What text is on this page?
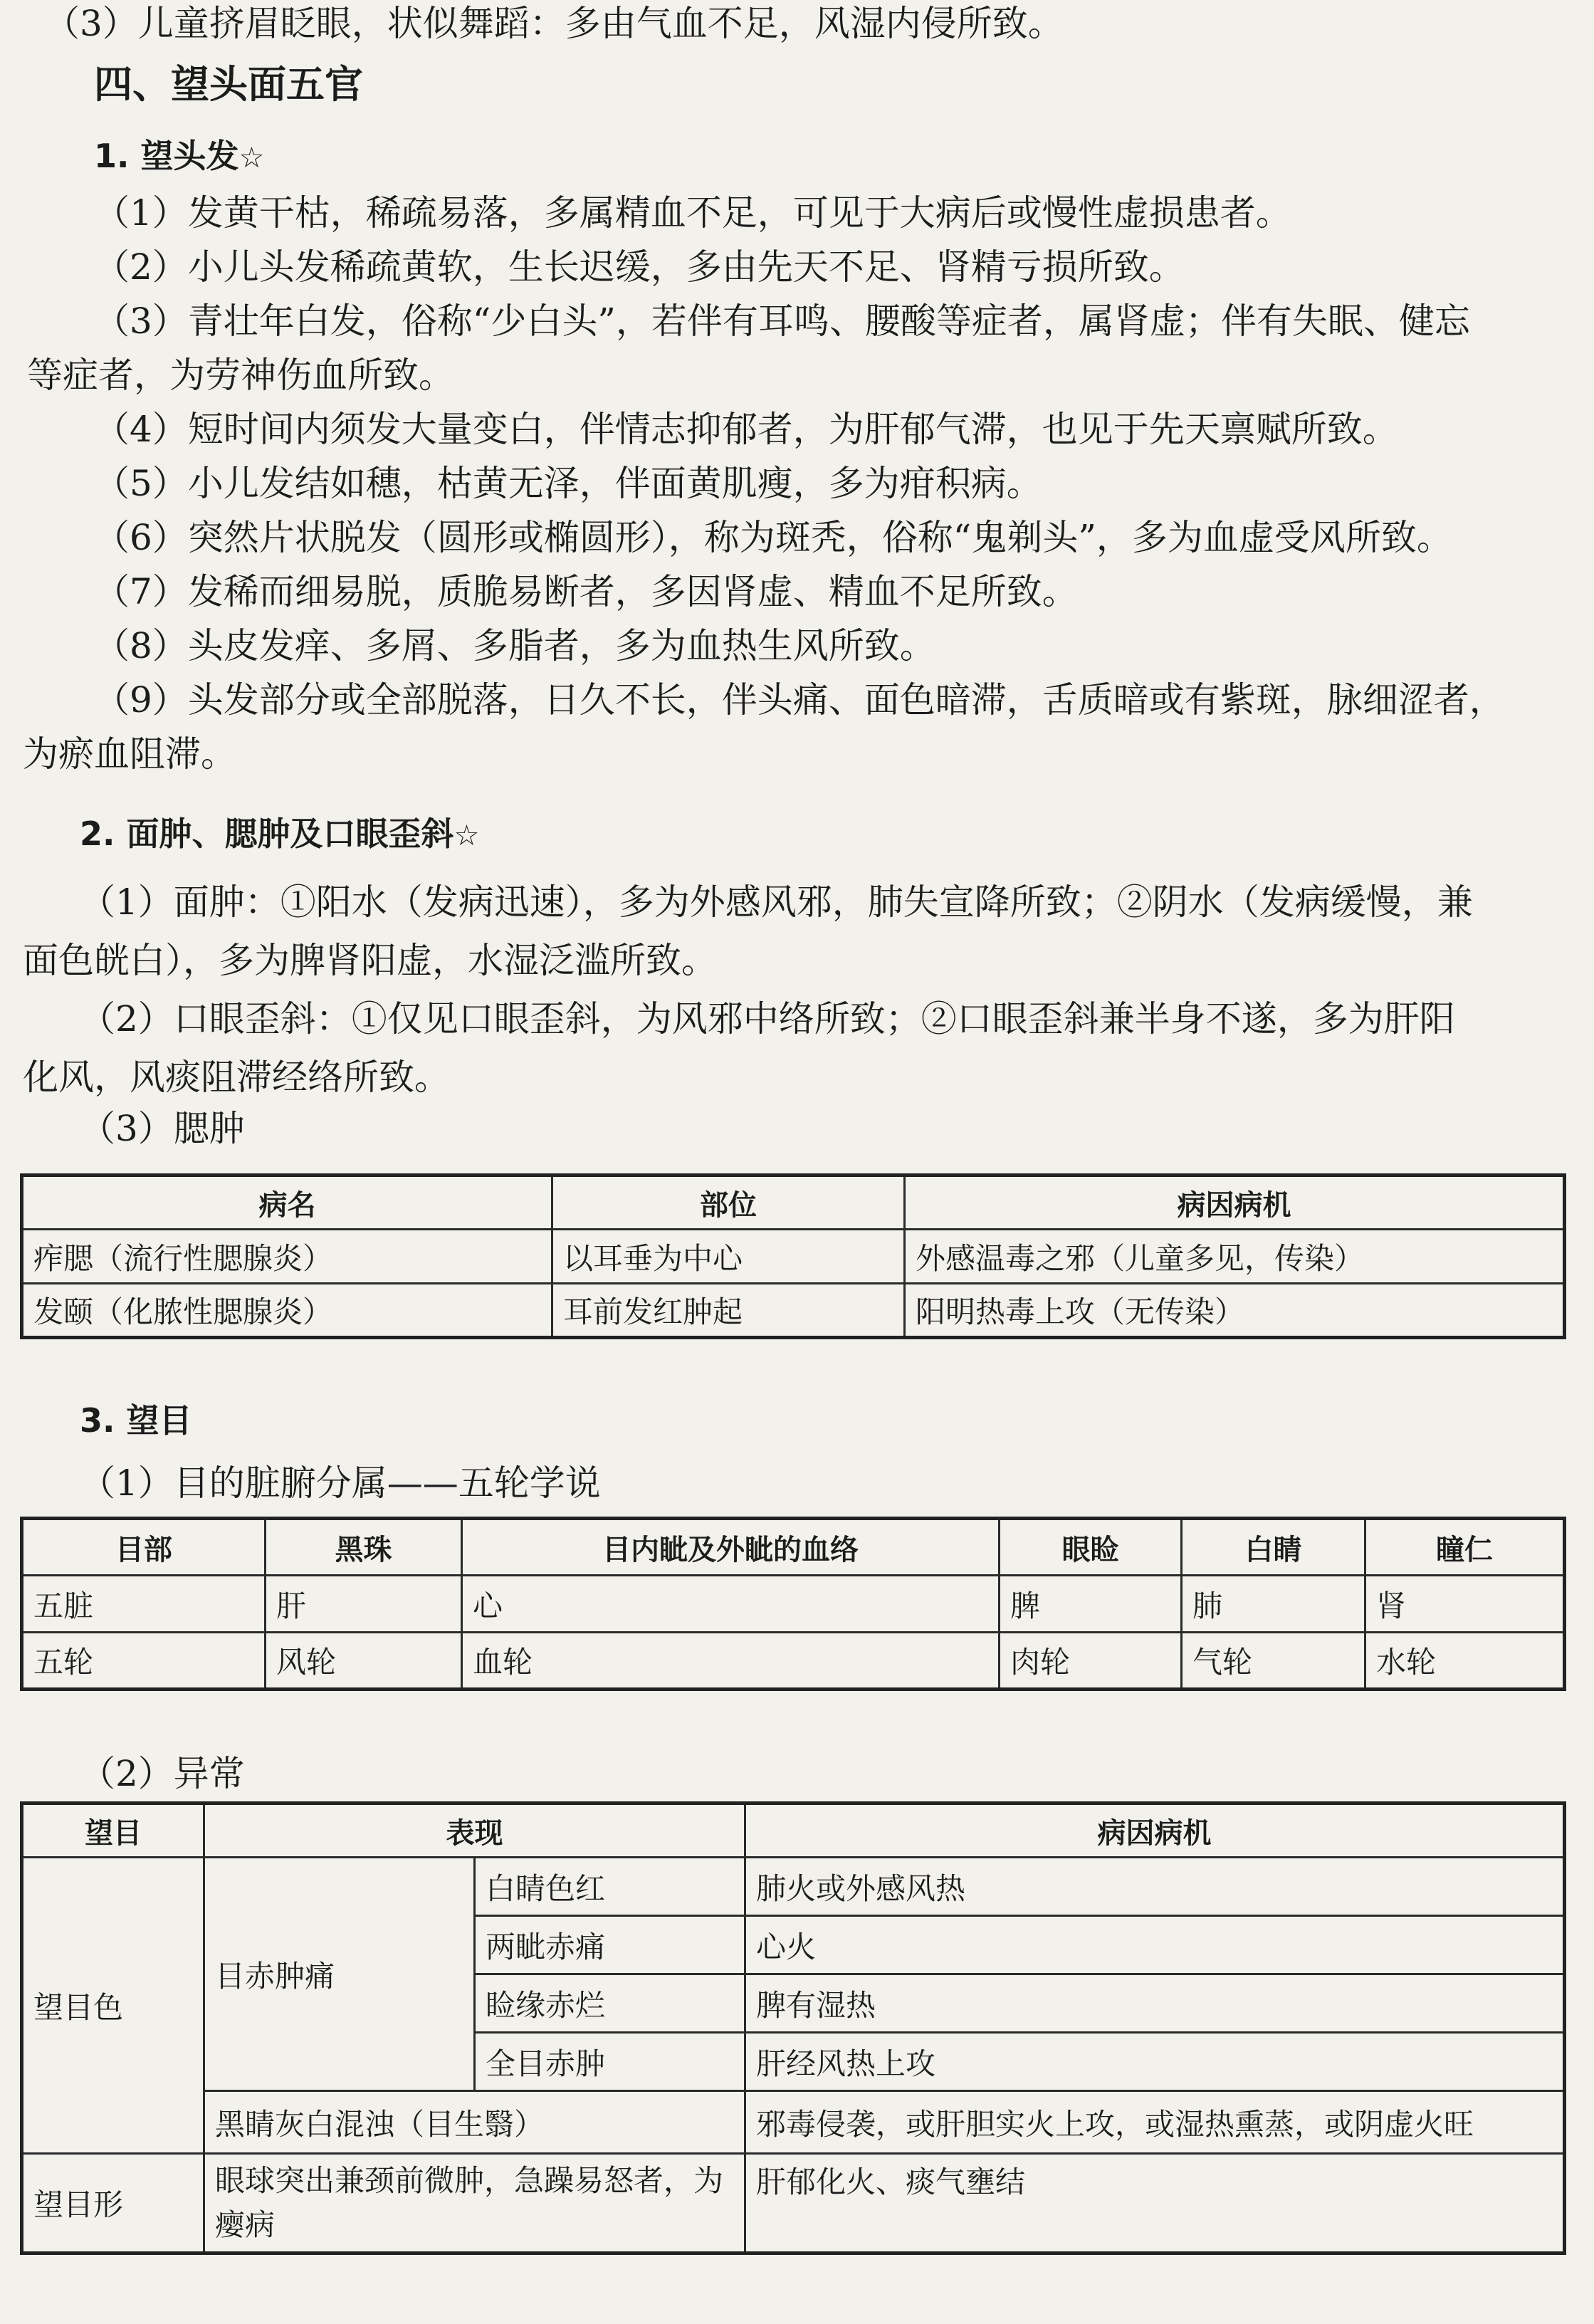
（3）儿童挤眉眨眼，状似舞蹈：多由气血不足，风湿内侵所致。
四、望头面五官
1. 望头发☆
（1）发黄干枯，稀疏易落，多属精血不足，可见于大病后或慢性虚损患者。
（2）小儿头发稀疏黄软，生长迟缓，多由先天不足、肾精亏损所致。
（3）青壮年白发，俗称“少白头”，若伴有耳鸣、腰酸等症者，属肾虚；伴有失眠、健忘
等症者，为劳神伤血所致。
（4）短时间内须发大量变白，伴情志抑郁者，为肝郁气滞，也见于先天禀赋所致。
（5）小儿发结如穗，枯黄无泽，伴面黄肌瘦，多为疳积病。
（6）突然片状脱发（圆形或椭圆形），称为斑秃，俗称“鬼剃头”，多为血虚受风所致。
（7）发稀而细易脱，质脆易断者，多因肾虚、精血不足所致。
（8）头皮发痒、多屑、多脂者，多为血热生风所致。
（9）头发部分或全部脱落，日久不长，伴头痛、面色暗滞，舌质暗或有紫斑，脉细涩者，
为瘀血阻滞。
2. 面肿、腮肿及口眼歪斜☆
（1）面肿：①阳水（发病迅速），多为外感风邪，肺失宣降所致；②阴水（发病缓慢，兼
面色㿠白），多为脾肾阳虚，水湿泛滥所致。
（2）口眼歪斜：①仅见口眼歪斜，为风邪中络所致；②口眼歪斜兼半身不遂，多为肝阳
化风，风痰阻滞经络所致。
（3）腮肿
病名	部位	病因病机
痄腮（流行性腮腺炎）	以耳垂为中心	外感温毒之邪（儿童多见，传染）
发颐（化脓性腮腺炎）	耳前发红肿起	阳明热毒上攻（无传染）
3. 望目
（1）目的脏腑分属——五轮学说
目部	黑珠	目内眦及外眦的血络	眼睑	白睛	瞳仁
五脏	肝	心	脾	肺	肾
五轮	风轮	血轮	肉轮	气轮	水轮
（2）异常
望目	表现		病因病机
望目色	目赤肿痛	白睛色红	肺火或外感风热
		两眦赤痛	心火
		睑缘赤烂	脾有湿热
		全目赤肿	肝经风热上攻
	黑睛灰白混浊（目生翳）		邪毒侵袭，或肝胆实火上攻，或湿热熏蒸，或阴虚火旺
望目形	眼球突出兼颈前微肿，急躁易怒者，为瘿病		肝郁化火、痰气壅结
